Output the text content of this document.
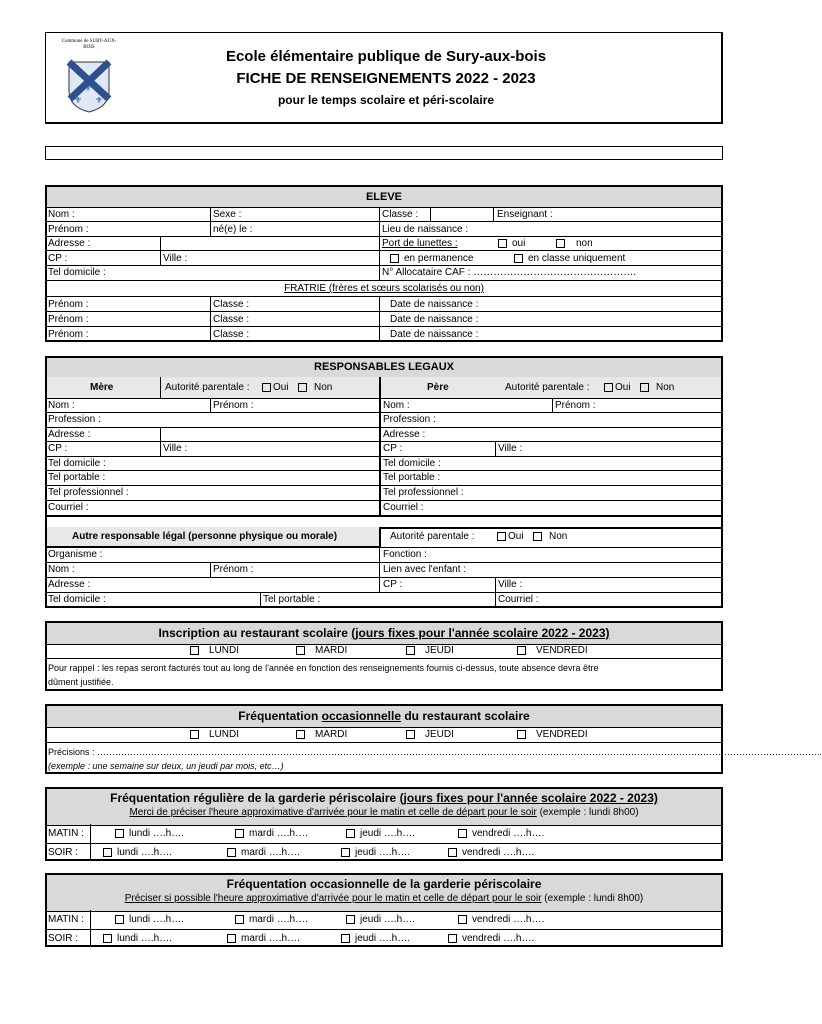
Commune de SURY-AUX-BOIS
⚜ ⚜
⚜
⚜ ⚜
Ecole élémentaire publique de Sury-aux-bois
FICHE DE RENSEIGNEMENTS 2022 - 2023
pour le temps scolaire et péri-scolaire
ELEVE
Nom :	Sexe :	Classe :	Enseignant :
Prénom :	né(e) le :	Lieu de naissance :
Adresse :	Port de lunettes :	oui	non
CP :	Ville :	en permanence	en classe uniquement
Tel domicile :	N° Allocataire CAF : ………………………………………….
FRATRIE (frères et sœurs scolarisés ou non)
Prénom :	Classe :	Date de naissance :
Prénom :	Classe :	Date de naissance :
Prénom :	Classe :	Date de naissance :
RESPONSABLES LEGAUX
Mère	Autorité parentale :	Oui	Non	Père	Autorité parentale :	Oui	Non
Nom :	Prénom :	Nom :	Prénom :
Profession :	Profession :
Adresse :	Adresse :
CP :	Ville :	CP :	Ville :
Tel domicile :	Tel domicile :
Tel portable :	Tel portable :
Tel professionnel :	Tel professionnel :
Courriel :	Courriel :
Autre responsable légal (personne physique ou morale)	Autorité parentale :	Oui	Non
Organisme :	Fonction :
Nom :	Prénom :	Lien avec l'enfant :
Adresse :	CP :	Ville :
Tel domicile :	Tel portable :	Courriel :
Inscription au restaurant scolaire (jours fixes pour l'année scolaire 2022 - 2023)
LUNDI	MARDI	JEUDI	VENDREDI
Pour rappel : les repas seront facturés tout au long de l'année en fonction des renseignements fournis ci-dessus, toute absence devra être
dûment justifiée.
Fréquentation occasionnelle du restaurant scolaire
LUNDI	MARDI	JEUDI	VENDREDI
Précisions : ……………………………………………………………………………………………………………………………………………………………………………………………………………………..
(exemple : une semaine sur deux, un jeudi par mois, etc…)
Fréquentation régulière de la garderie périscolaire (jours fixes pour l'année scolaire 2022 - 2023)
Merci de préciser l'heure approximative d'arrivée pour le matin et celle de départ pour le soir (exemple : lundi 8h00)
MATIN :	lundi ….h….	mardi ….h….	jeudi ….h….	vendredi ….h….
SOIR :	lundi ….h….	mardi ….h….	jeudi ….h….	vendredi ….h….
Fréquentation occasionnelle de la garderie périscolaire
Préciser si possible l'heure approximative d'arrivée pour le matin et celle de départ pour le soir (exemple : lundi 8h00)
MATIN :	lundi ….h….	mardi ….h….	jeudi ….h….	vendredi ….h….
SOIR :	lundi ….h….	mardi ….h….	jeudi ….h….	vendredi ….h….
